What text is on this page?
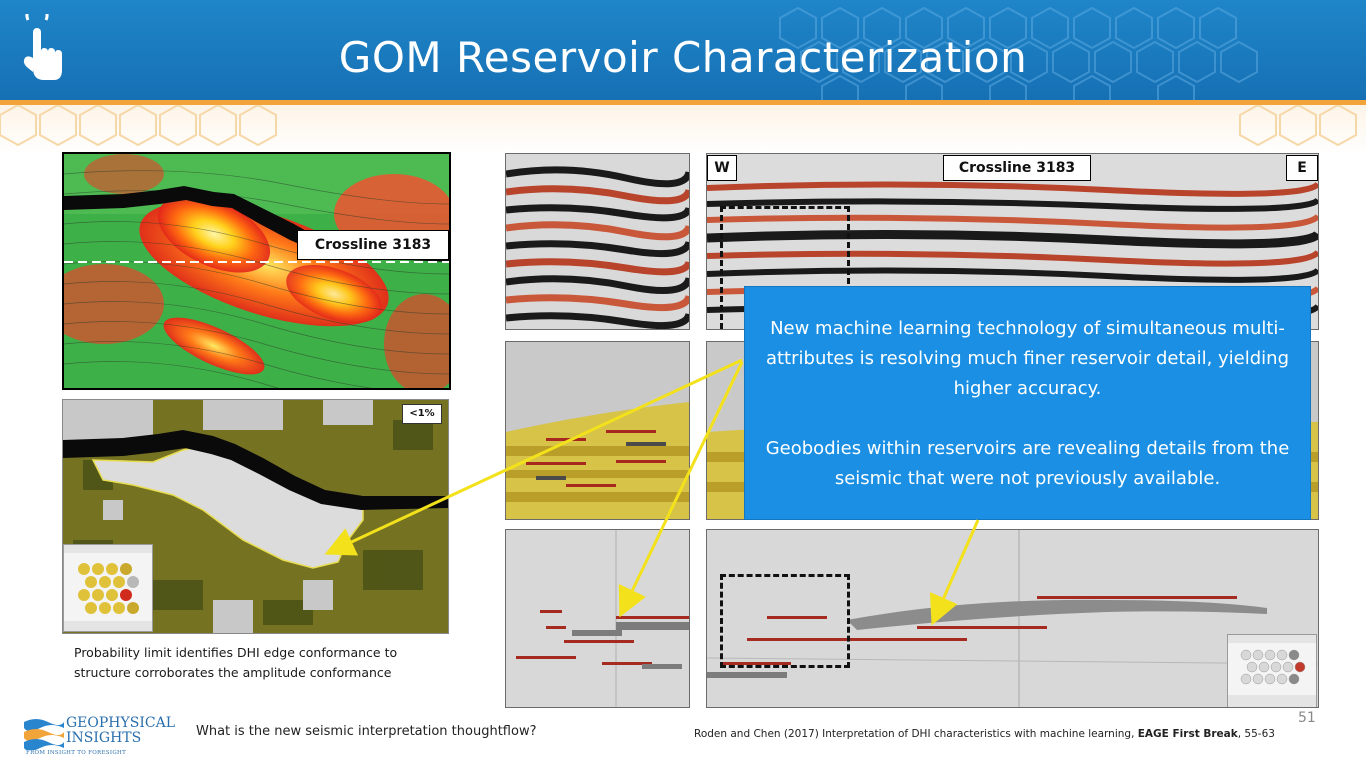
GOM Reservoir Characterization
Crossline 3183
<1%
Probability limit identifies DHI edge conformance to structure corroborates the amplitude conformance
W	Crossline 3183	E

New machine learning technology of simultaneous multi-attributes is resolving much finer reservoir detail, yielding higher accuracy.

Geobodies within reservoirs are revealing details from the seismic that were not previously available.

GEOPHYSICAL
INSIGHTS
FROM INSIGHT TO FORESIGHT
What is the new seismic interpretation thoughtflow?	Roden and Chen (2017) Interpretation of DHI characteristics with machine learning, EAGE First Break, 55-63
51
